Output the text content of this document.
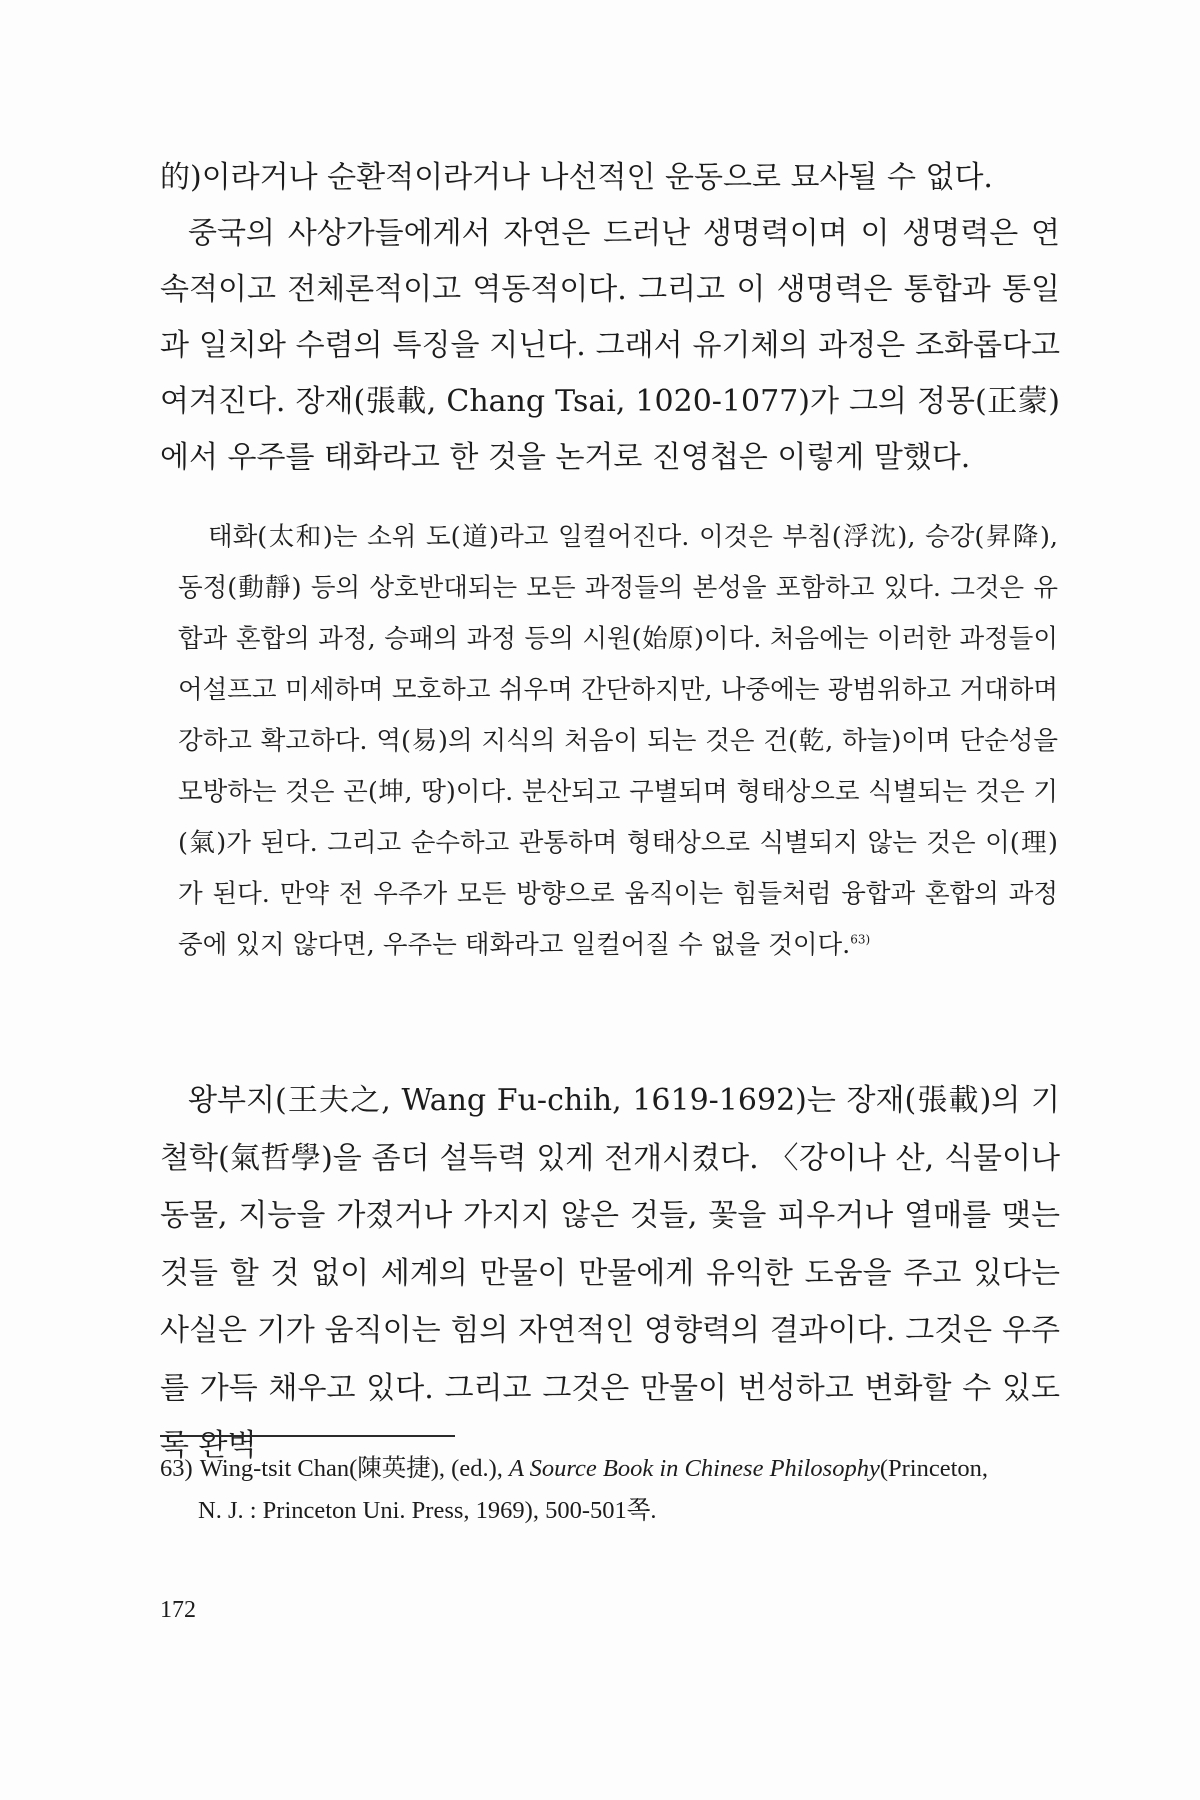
的)이라거나 순환적이라거나 나선적인 운동으로 묘사될 수 없다.
중국의 사상가들에게서 자연은 드러난 생명력이며 이 생명력은 연속적이고 전체론적이고 역동적이다. 그리고 이 생명력은 통합과 통일과 일치와 수렴의 특징을 지닌다. 그래서 유기체의 과정은 조화롭다고 여겨진다. 장재(張載, Chang Tsai, 1020-1077)가 그의 정몽(正蒙)에서 우주를 태화라고 한 것을 논거로 진영첩은 이렇게 말했다.

태화(太和)는 소위 도(道)라고 일컬어진다. 이것은 부침(浮沈), 승강(昇降), 동정(動靜) 등의 상호반대되는 모든 과정들의 본성을 포함하고 있다. 그것은 유합과 혼합의 과정, 승패의 과정 등의 시원(始原)이다. 처음에는 이러한 과정들이 어설프고 미세하며 모호하고 쉬우며 간단하지만, 나중에는 광범위하고 거대하며 강하고 확고하다. 역(易)의 지식의 처음이 되는 것은 건(乾, 하늘)이며 단순성을 모방하는 것은 곤(坤, 땅)이다. 분산되고 구별되며 형태상으로 식별되는 것은 기(氣)가 된다. 그리고 순수하고 관통하며 형태상으로 식별되지 않는 것은 이(理)가 된다. 만약 전 우주가 모든 방향으로 움직이는 힘들처럼 융합과 혼합의 과정 중에 있지 않다면, 우주는 태화라고 일컬어질 수 없을 것이다.$^{63)}$

왕부지(王夫之, Wang Fu-chih, 1619-1692)는 장재(張載)의 기철학(氣哲學)을 좀더 설득력 있게 전개시켰다. 〈강이나 산, 식물이나 동물, 지능을 가졌거나 가지지 않은 것들, 꽃을 피우거나 열매를 맺는 것들 할 것 없이 세계의 만물이 만물에게 유익한 도움을 주고 있다는 사실은 기가 움직이는 힘의 자연적인 영향력의 결과이다. 그것은 우주를 가득 채우고 있다. 그리고 그것은 만물이 번성하고 변화할 수 있도록 완벽

63) Wing-tsit Chan(陳英捷), (ed.), A Source Book in Chinese Philosophy(Princeton,
N. J. : Princeton Uni. Press, 1969), 500-501쪽.
172
